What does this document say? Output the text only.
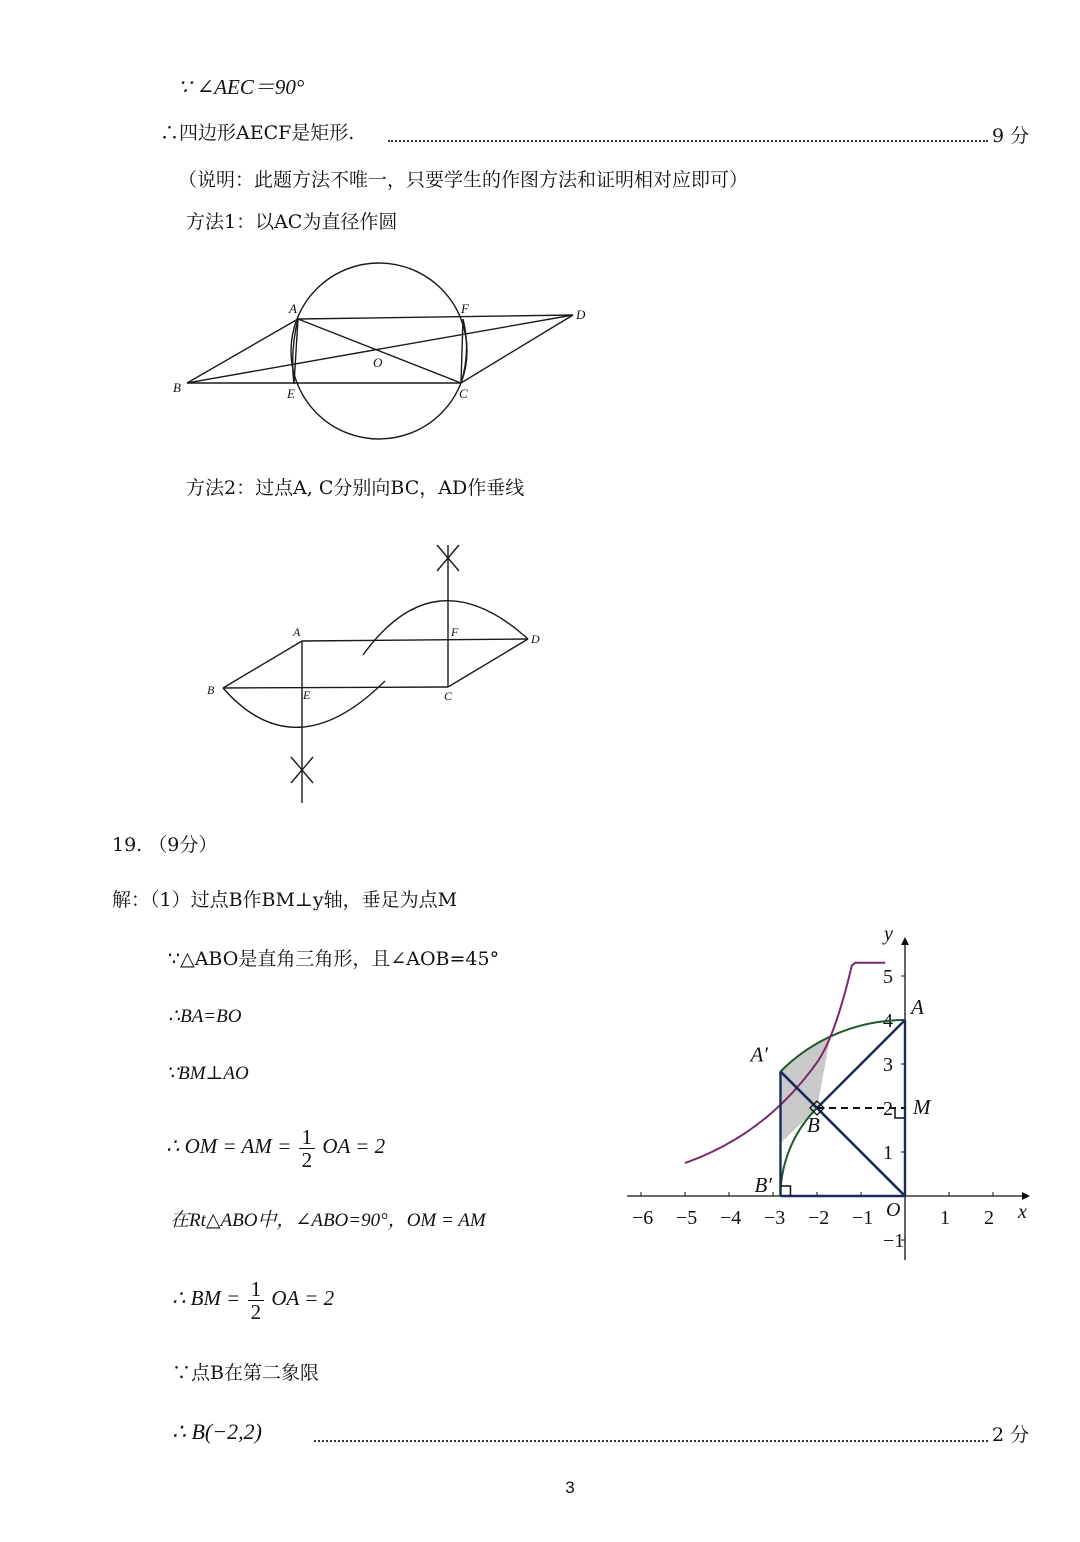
∵ ∠AEC＝90°
∴四边形AECF是矩形.	9 分
（说明：此题方法不唯一，只要学生的作图方法和证明相对应即可）
方法1：以AC为直径作圆
A	F	D
B
O
E	C
方法2：过点A, C分别向BC，AD作垂线
A	F	D
B	E	C
19. （9分）
解：（1）过点B作BM⊥y轴，垂足为点M
∵△ABO是直角三角形，且∠AOB=45°
∴BA=BO
∵BM⊥AO
∴ OM = AM = $\frac{1}{2}$ OA = 2
在Rt△ABO中，∠ABO=90°，OM = AM
∴ BM = $\frac{1}{2}$ OA = 2
∵点B在第二象限
∴ B(−2,2)	2 分
x
y
O
−6 −5 −4 −3 −2 −1	1 2
5
4
3
2
1
−1
A
B
M
A′
B′
3
